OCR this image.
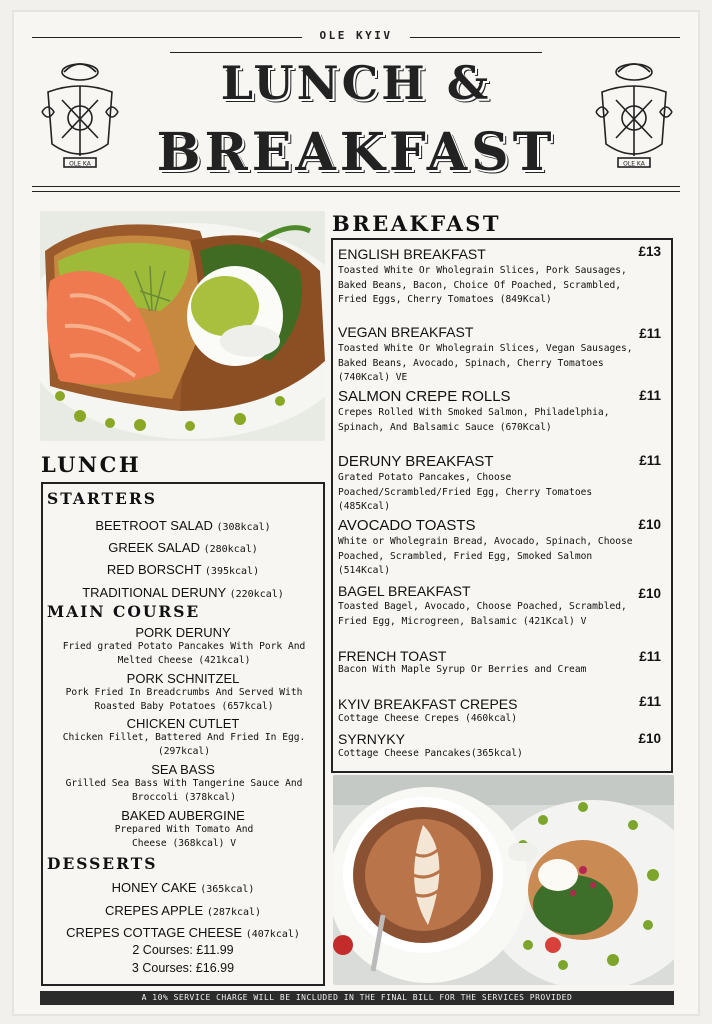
OLE KYIV
LUNCH &
BREAKFAST
OLE KA	OLE KA
BREAKFAST
ENGLISH BREAKFAST	£13
Toasted White Or Wholegrain Slices, Pork Sausages, Baked Beans, Bacon, Choice Of Poached, Scrambled, Fried Eggs, Cherry Tomatoes (849Kcal)
VEGAN BREAKFAST	£11
Toasted White Or Wholegrain Slices, Vegan Sausages, Baked Beans, Avocado, Spinach, Cherry Tomatoes (740Kcal) VE
SALMON CREPE ROLLS	£11
Crepes Rolled With Smoked Salmon, Philadelphia, Spinach, And Balsamic Sauce (670Kcal)
DERUNY BREAKFAST	£11
Grated Potato Pancakes, Choose Poached/Scrambled/Fried Egg, Cherry Tomatoes (485Kcal)
AVOCADO TOASTS	£10
White or Wholegrain Bread, Avocado, Spinach, Choose Poached, Scrambled, Fried Egg, Smoked Salmon (514Kcal)
BAGEL BREAKFAST	£10
Toasted Bagel, Avocado, Choose Poached, Scrambled, Fried Egg, Microgreen, Balsamic (421Kcal) V
FRENCH TOAST	£11
Bacon With Maple Syrup Or Berries and Cream
KYIV BREAKFAST CREPES	£11
Cottage Cheese Crepes (460kcal)
SYRNYKY	£10
Cottage Cheese Pancakes(365kcal)
LUNCH
STARTERS
BEETROOT SALAD (308kcal)
GREEK SALAD (280kcal)
RED BORSCHT (395kcal)
TRADITIONAL DERUNY (220kcal)
MAIN COURSE
PORK DERUNY
Fried grated Potato Pancakes With Pork And Melted Cheese (421kcal)
PORK SCHNITZEL
Pork Fried In Breadcrumbs And Served With Roasted Baby Potatoes (657kcal)
CHICKEN CUTLET
Chicken Fillet, Battered And Fried In Egg. (297kcal)
SEA BASS
Grilled Sea Bass With Tangerine Sauce And Broccoli (378kcal)
BAKED AUBERGINE
Prepared With Tomato And Cheese (368kcal) V
DESSERTS
HONEY CAKE (365kcal)
CREPES APPLE (287kcal)
CREPES COTTAGE CHEESE (407kcal)
2 Courses: £11.99
3 Courses: £16.99
A 10% SERVICE CHARGE WILL BE INCLUDED IN THE FINAL BILL FOR THE SERVICES PROVIDED
